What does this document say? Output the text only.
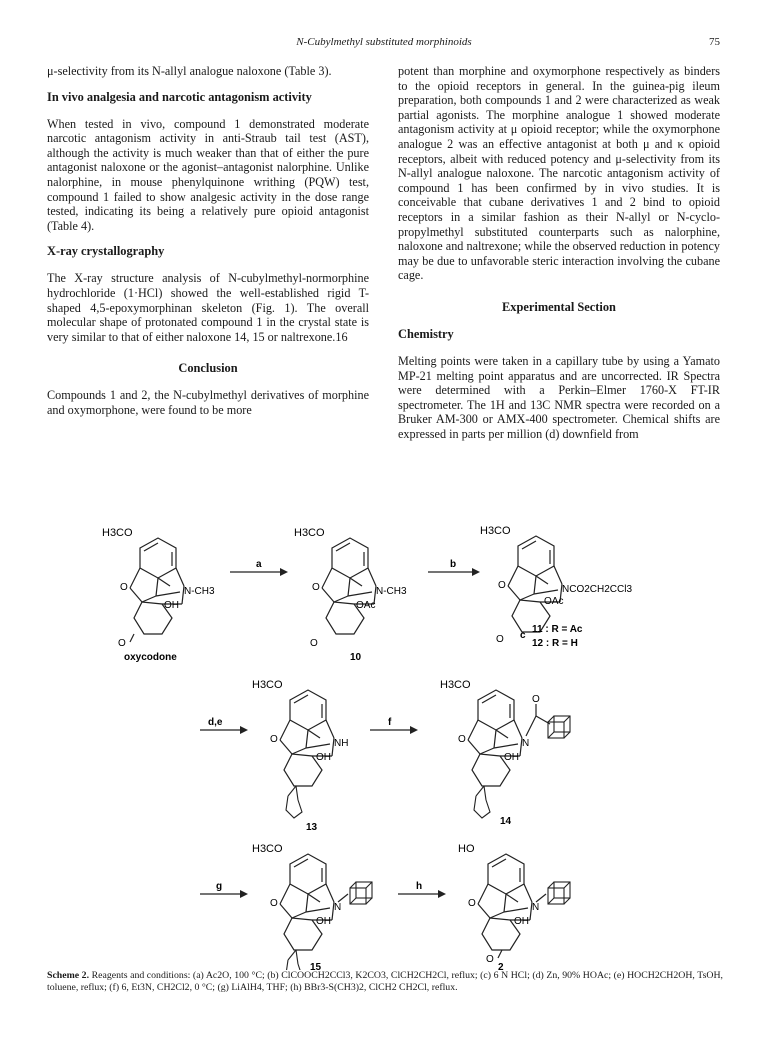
N-Cubylmethyl substituted morphinoids	75

μ-selectivity from its N-allyl analogue naloxone (Table 3).

In vivo analgesia and narcotic antagonism activity

When tested in vivo, compound 1 demonstrated moderate narcotic antagonism activity in anti-Straub tail test (AST), although the activity is much weaker than that of either the pure antagonist naloxone or the agonist–antagonist nalorphine. Unlike nalorphine, in mouse phenylquinone writhing (PQW) test, compound 1 failed to show analgesic activity in the dose range tested, indicating its being a relatively pure opioid antagonist (Table 4).

X-ray crystallography

The X-ray structure analysis of N-cubylmethyl-normorphine hydrochloride (1·HCl) showed the well-established rigid T-shaped 4,5-epoxymorphinan skeleton (Fig. 1). The overall molecular shape of protonated compound 1 in the crystal state is very similar to that of either naloxone 14, 15 or naltrexone.16

Conclusion

Compounds 1 and 2, the N-cubylmethyl derivatives of morphine and oxymorphone, were found to be more

potent than morphine and oxymorphone respectively as binders to the opioid receptors in general. In the guinea-pig ileum preparation, both compounds 1 and 2 were characterized as weak partial agonists. The morphine analogue 1 showed moderate antagonism activity at μ opioid receptor; while the oxymorphone analogue 2 was an effective antagonist at both μ and κ opioid receptors, albeit with reduced potency and μ-selectivity from its N-allyl analogue naloxone. The narcotic antagonism activity of compound 1 has been confirmed by in vivo studies. It is conceivable that cubane derivatives 1 and 2 bind to opioid receptors in a similar fashion as their N-allyl or N-cyclo-propylmethyl substituted counterparts such as nalorphine, naloxone and naltrexone; while the observed reduction in potency may be due to unfavorable steric interaction involving the cubane cage.

Experimental Section
Chemistry

Melting points were taken in a capillary tube by using a Yamato MP-21 melting point apparatus and are uncorrected. IR Spectra were determined with a Perkin–Elmer 1760-X FT-IR spectrometer. The 1H and 13C NMR spectra were recorded on a Bruker AM-300 or AMX-400 spectrometer. Chemical shifts are expressed in parts per million (d) downfield from

H3CO
O	N-CH3
OH
O
oxycodone
a
H3CO
O	N-CH3
OAc
O
10
b
H3CO
O	NCO2CH2CCl3
OAc
O c
11 : R = Ac
12 : R = H
d,e
H3CO
O	NH
OH
13
f
H3CO
O
O
N
OH
14
g
H3CO
O	N
OH
15
h
HO
O	N
OH
O
2
Scheme 2. Reagents and conditions: (a) Ac2O, 100 °C; (b) ClCOOCH2CCl3, K2CO3, ClCH2CH2Cl, reflux; (c) 6 N HCl; (d) Zn, 90% HOAc; (e) HOCH2CH2OH, TsOH, toluene, reflux; (f) 6, Et3N, CH2Cl2, 0 °C; (g) LiAlH4, THF; (h) BBr3-S(CH3)2, ClCH2 CH2Cl, reflux.
